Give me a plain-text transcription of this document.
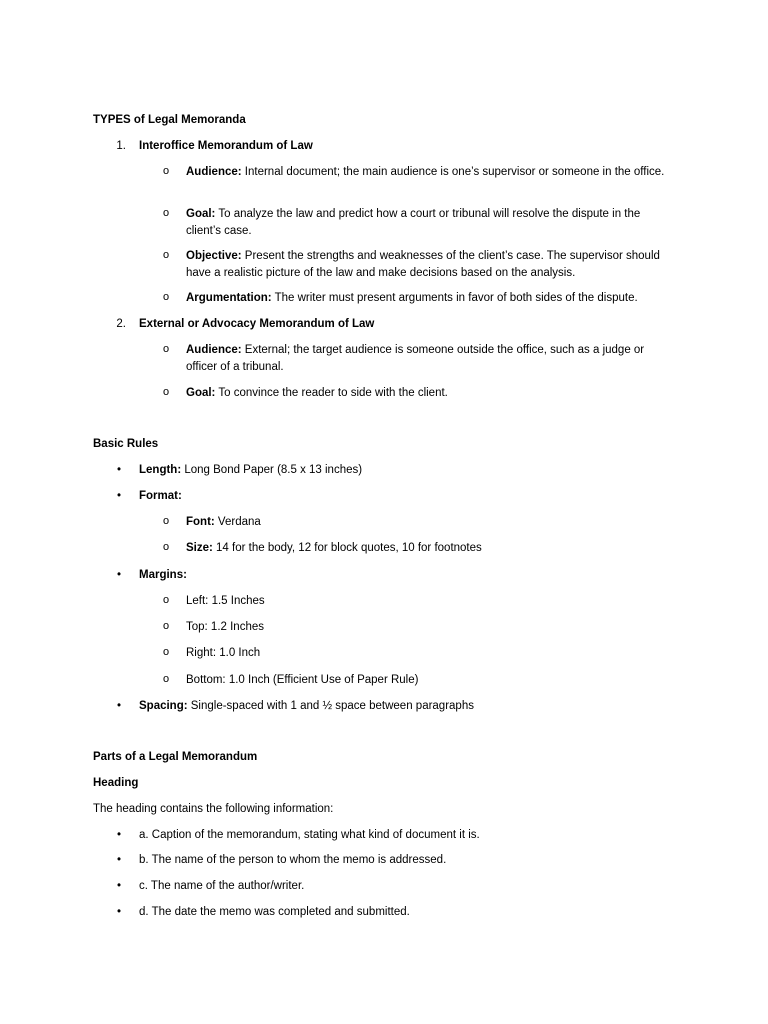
TYPES of Legal Memoranda
1. Interoffice Memorandum of Law
o Audience: Internal document; the main audience is one’s supervisor or someone in the office.
o Goal: To analyze the law and predict how a court or tribunal will resolve the dispute in the client’s case.
o Objective: Present the strengths and weaknesses of the client’s case. The supervisor should have a realistic picture of the law and make decisions based on the analysis.
o Argumentation: The writer must present arguments in favor of both sides of the dispute.
2. External or Advocacy Memorandum of Law
o Audience: External; the target audience is someone outside the office, such as a judge or officer of a tribunal.
o Goal: To convince the reader to side with the client.
Basic Rules
• Length: Long Bond Paper (8.5 x 13 inches)
• Format:
o Font: Verdana
o Size: 14 for the body, 12 for block quotes, 10 for footnotes
• Margins:
o Left: 1.5 Inches
o Top: 1.2 Inches
o Right: 1.0 Inch
o Bottom: 1.0 Inch (Efficient Use of Paper Rule)
• Spacing: Single-spaced with 1 and ½ space between paragraphs
Parts of a Legal Memorandum
Heading
The heading contains the following information:
• a. Caption of the memorandum, stating what kind of document it is.
• b. The name of the person to whom the memo is addressed.
• c. The name of the author/writer.
• d. The date the memo was completed and submitted.
